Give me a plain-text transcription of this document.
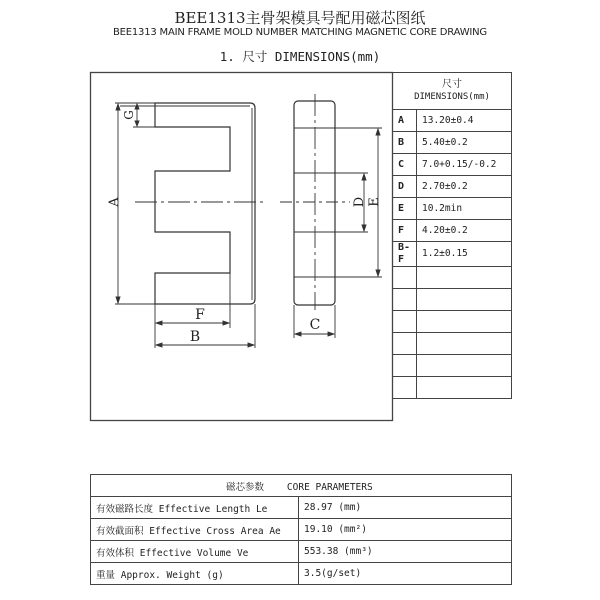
BEE1313主骨架模具号配用磁芯图纸
BEE1313 MAIN FRAME MOLD NUMBER MATCHING MAGNETIC CORE DRAWING
1. 尺寸 DIMENSIONS(mm)
A
G
F
B
D E
C
尺寸
DIMENSIONS(mm)	
A	13.20±0.4
B	5.40±0.2
C	7.0+0.15/-0.2
D	2.70±0.2
E	10.2min
F	4.20±0.2
B-F	1.2±0.15

磁芯参数 CORE PARAMETERS	
有效磁路长度 Effective Length Le	28.97 (mm)
有效截面积 Effective Cross Area Ae	19.10 (mm²)
有效体积 Effective Volume Ve	553.38 (mm³)
重量 Approx. Weight (g)	3.5(g/set)
